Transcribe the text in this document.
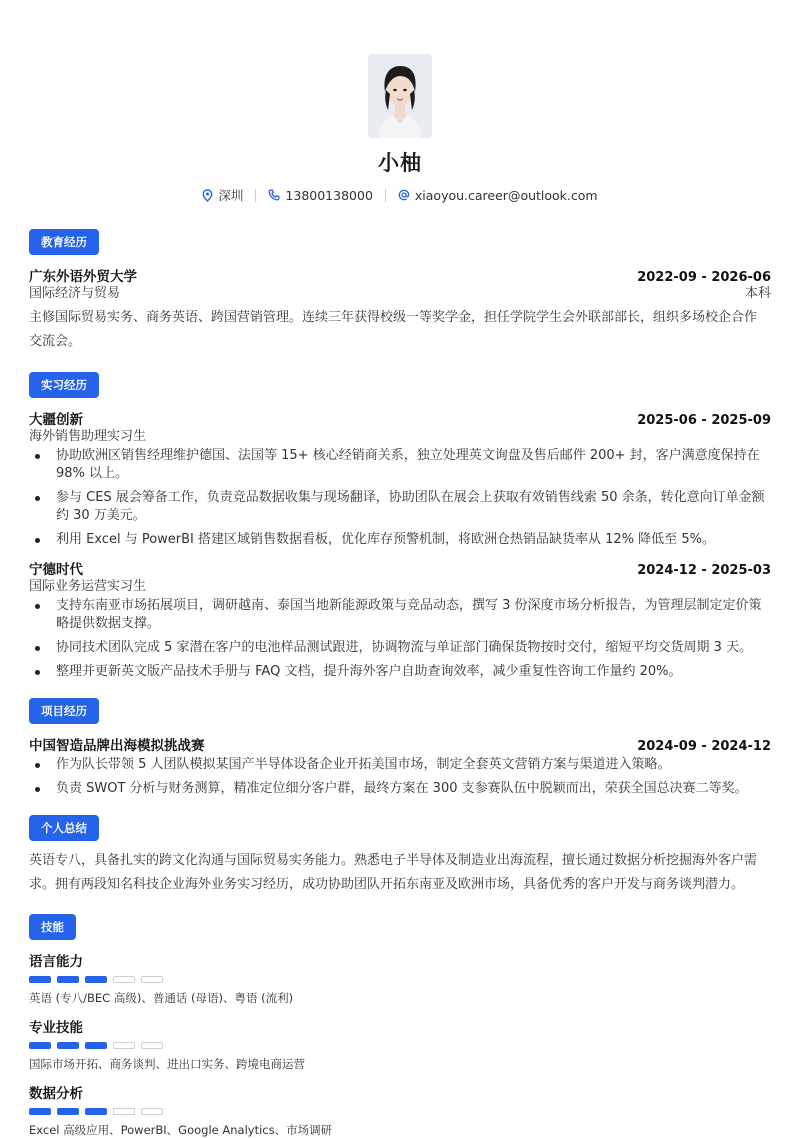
小柚
深圳	13800138000	xiaoyou.career@outlook.com
教育经历
广东外语外贸大学	2022-09 - 2026-06
国际经济与贸易	本科
主修国际贸易实务、商务英语、跨国营销管理。连续三年获得校级一等奖学金，担任学院学生会外联部部长，组织多场校企合作
交流会。
实习经历
大疆创新	2025-06 - 2025-09
海外销售助理实习生
协助欧洲区销售经理维护德国、法国等 15+ 核心经销商关系，独立处理英文询盘及售后邮件 200+ 封，客户满意度保持在
98% 以上。
参与 CES 展会筹备工作，负责竞品数据收集与现场翻译，协助团队在展会上获取有效销售线索 50 余条，转化意向订单金额
约 30 万美元。
利用 Excel 与 PowerBI 搭建区域销售数据看板，优化库存预警机制，将欧洲仓热销品缺货率从 12% 降低至 5%。
宁德时代	2024-12 - 2025-03
国际业务运营实习生
支持东南亚市场拓展项目，调研越南、泰国当地新能源政策与竞品动态，撰写 3 份深度市场分析报告，为管理层制定定价策
略提供数据支撑。
协同技术团队完成 5 家潜在客户的电池样品测试跟进，协调物流与单证部门确保货物按时交付，缩短平均交货周期 3 天。
整理并更新英文版产品技术手册与 FAQ 文档，提升海外客户自助查询效率，减少重复性咨询工作量约 20%。
项目经历
中国智造品牌出海模拟挑战赛	2024-09 - 2024-12
作为队长带领 5 人团队模拟某国产半导体设备企业开拓美国市场，制定全套英文营销方案与渠道进入策略。
负责 SWOT 分析与财务测算，精准定位细分客户群，最终方案在 300 支参赛队伍中脱颖而出，荣获全国总决赛二等奖。
个人总结
英语专八，具备扎实的跨文化沟通与国际贸易实务能力。熟悉电子半导体及制造业出海流程，擅长通过数据分析挖掘海外客户需
求。拥有两段知名科技企业海外业务实习经历，成功协助团队开拓东南亚及欧洲市场，具备优秀的客户开发与商务谈判潜力。
技能
语言能力
英语 (专八/BEC 高级)、普通话 (母语)、粤语 (流利)
专业技能
国际市场开拓、商务谈判、进出口实务、跨境电商运营
数据分析
Excel 高级应用、PowerBI、Google Analytics、市场调研
